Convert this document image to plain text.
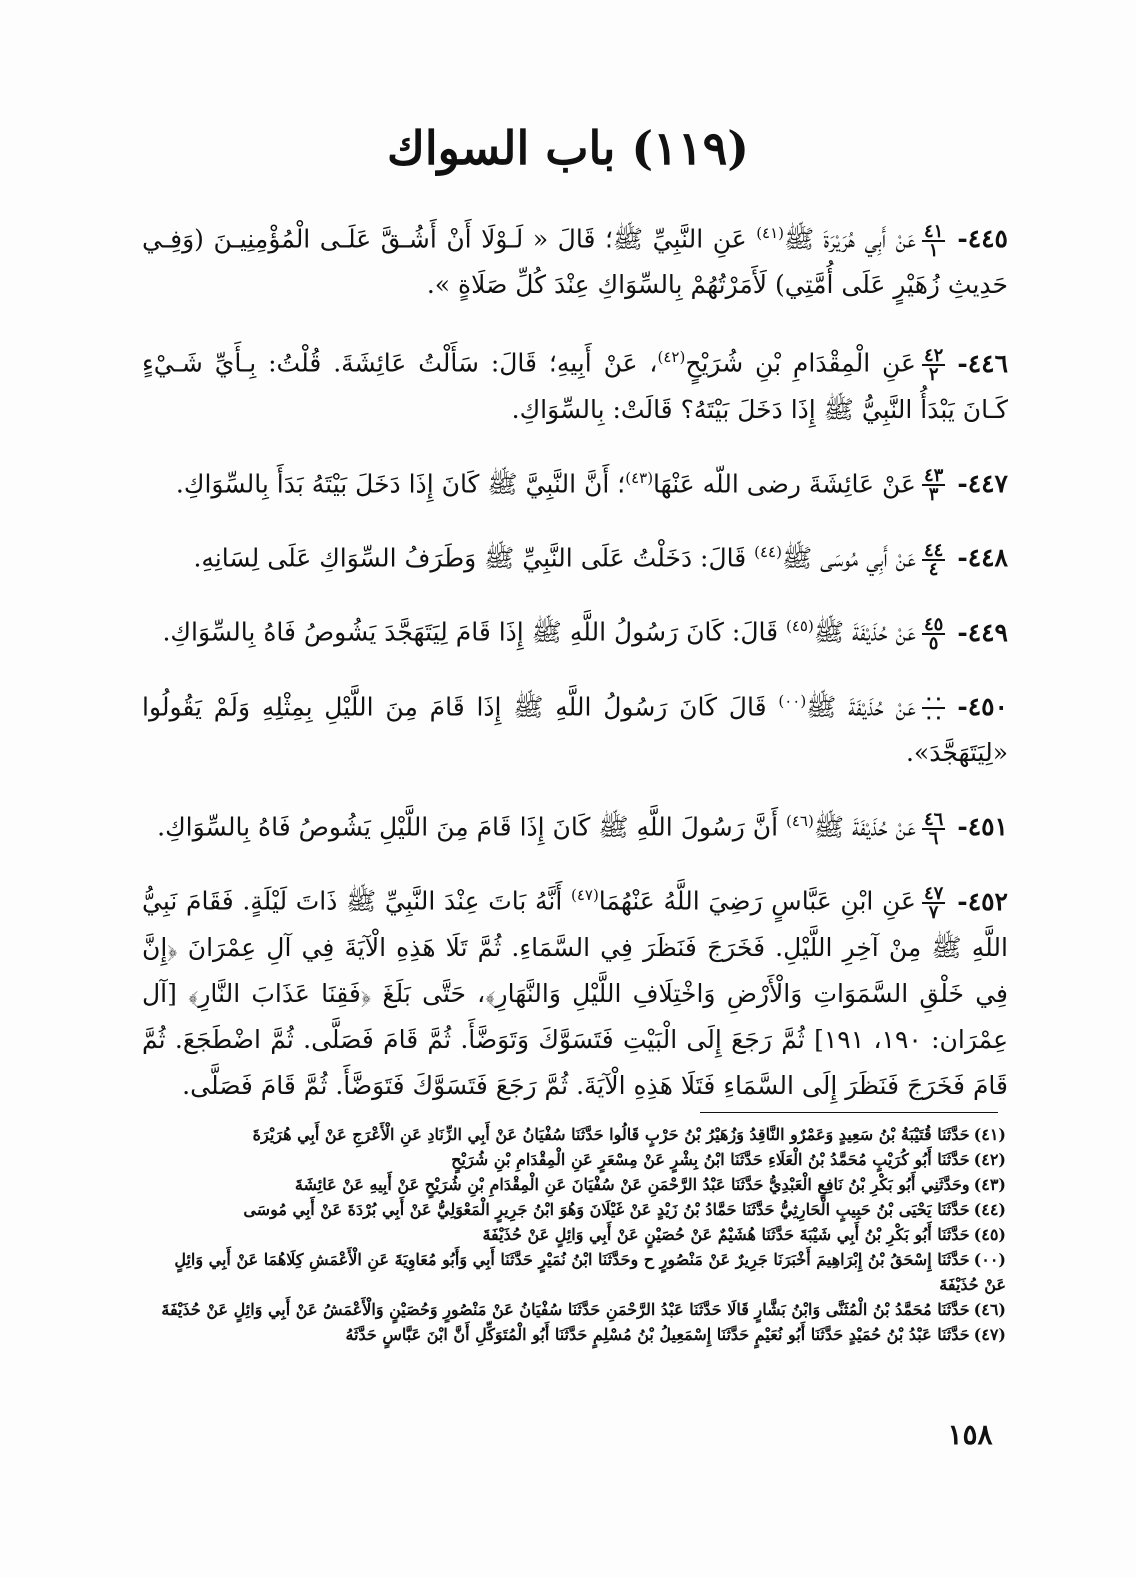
(١١٩) باب السواك

٤٤٥-
$\frac{٤١}{١}$
عَنْ أَبِي هُرَيْرَةَ ﷺ$^{(٤١)}$ عَنِ النَّبِيِّ ﷺ؛ قَالَ « لَـوْلَا أَنْ أَشُـقَّ عَلَـى الْمُؤْمِنِيـنَ (وَفِـي حَدِيثِ زُهَيْرٍ عَلَى أُمَّتِي) لَأَمَرْتُهُمْ بِالسِّوَاكِ عِنْدَ كُلِّ صَلَاةٍ ».

٤٤٦-
$\frac{٤٢}{٢}$
عَنِ الْمِقْدَامِ بْنِ شُرَيْحٍ$^{(٤٢)}$، عَنْ أَبِيهِ؛ قَالَ: سَأَلْتُ عَائِشَةَ. قُلْتُ: بِـأَيِّ شَـيْءٍ كَـانَ يَبْدَأُ النَّبِيُّ ﷺ إِذَا دَخَلَ بَيْتَهُ؟ قَالَتْ: بِالسِّوَاكِ.

٤٤٧-
$\frac{٤٣}{٣}$
عَنْ عَائِشَةَ رضى اللّه عَنْهَا$^{(٤٣)}$؛ أَنَّ النَّبِيَّ ﷺ كَانَ إِذَا دَخَلَ بَيْتَهُ بَدَأَ بِالسِّوَاكِ.

٤٤٨-
$\frac{٤٤}{٤}$
عَنْ أَبِي مُوسَى ﷺ$^{(٤٤)}$ قَالَ: دَخَلْتُ عَلَى النَّبِيِّ ﷺ وَطَرَفُ السِّوَاكِ عَلَى لِسَانِهِ.

٤٤٩-
$\frac{٤٥}{٥}$
عَنْ حُذَيْفَةَ ﷺ$^{(٤٥)}$ قَالَ: كَانَ رَسُولُ اللَّهِ ﷺ إِذَا قَامَ لِيَتَهَجَّدَ يَشُوصُ فَاهُ بِالسِّوَاكِ.

٤٥٠-
$\frac{٠٠}{٠٠}$
عَنْ حُذَيْفَةَ ﷺ$^{(٠٠)}$ قَالَ كَانَ رَسُولُ اللَّهِ ﷺ إِذَا قَامَ مِنَ اللَّيْلِ بِمِثْلِهِ وَلَمْ يَقُولُوا «لِيَتَهَجَّدَ».

٤٥١-
$\frac{٤٦}{٦}$
عَنْ حُذَيْفَةَ ﷺ$^{(٤٦)}$ أَنَّ رَسُولَ اللَّهِ ﷺ كَانَ إِذَا قَامَ مِنَ اللَّيْلِ يَشُوصُ فَاهُ بِالسِّوَاكِ.

٤٥٢-
$\frac{٤٧}{٧}$
عَنِ ابْنِ عَبَّاسٍ رَضِيَ اللَّهُ عَنْهُمَا$^{(٤٧)}$ أَنَّهُ بَاتَ عِنْدَ النَّبِيِّ ﷺ ذَاتَ لَيْلَةٍ. فَقَامَ نَبِيُّ اللَّهِ ﷺ مِنْ آخِرِ اللَّيْلِ. فَخَرَجَ فَنَظَرَ فِي السَّمَاءِ. ثُمَّ تَلَا هَذِهِ الْآيَةَ فِي آلِ عِمْرَانَ ﴿إِنَّ فِي خَلْقِ السَّمَوَاتِ وَالْأَرْضِ وَاخْتِلَافِ اللَّيْلِ وَالنَّهَارِ﴾، حَتَّى بَلَغَ ﴿فَقِنَا عَذَابَ النَّارِ﴾ [آل عِمْرَان: ١٩٠، ١٩١] ثُمَّ رَجَعَ إِلَى الْبَيْتِ فَتَسَوَّكَ وَتَوَضَّأَ. ثُمَّ قَامَ فَصَلَّى. ثُمَّ اضْطَجَعَ. ثُمَّ قَامَ فَخَرَجَ فَنَظَرَ إِلَى السَّمَاءِ فَتَلَا هَذِهِ الْآيَةَ. ثُمَّ رَجَعَ فَتَسَوَّكَ فَتَوَضَّأَ. ثُمَّ قَامَ فَصَلَّى.

(٤١)حَدَّثَنَا قُتَيْبَةُ بْنُ سَعِيدٍ وَعَمْرٌو النَّاقِدُ وَزُهَيْرُ بْنُ حَرْبٍ قَالُوا حَدَّثَنَا سُفْيَانُ عَنْ أَبِي الزِّنَادِ عَنِ الْأَعْرَجِ عَنْ أَبِي هُرَيْرَةَ

(٤٢)حَدَّثَنَا أَبُو كُرَيْبٍ مُحَمَّدُ بْنُ الْعَلَاءِ حَدَّثَنَا ابْنُ بِشْرٍ عَنْ مِسْعَرٍ عَنِ الْمِقْدَامِ بْنِ شُرَيْحٍ

(٤٣)وحَدَّثَنِي أَبُو بَكْرِ بْنُ نَافِعٍ الْعَبْدِيُّ حَدَّثَنَا عَبْدُ الرَّحْمَنِ عَنْ سُفْيَانَ عَنِ الْمِقْدَامِ بْنِ شُرَيْحٍ عَنْ أَبِيهِ عَنْ عَائِشَةَ

(٤٤)حَدَّثَنَا يَحْيَى بْنُ حَبِيبٍ الْحَارِثِيُّ حَدَّثَنَا حَمَّادُ بْنُ زَيْدٍ عَنْ غَيْلَانَ وَهُوَ ابْنُ جَرِيرٍ الْمَعْوَلِيُّ عَنْ أَبِي بُرْدَةَ عَنْ أَبِي مُوسَى

(٤٥)حَدَّثَنَا أَبُو بَكْرِ بْنُ أَبِي شَيْبَةَ حَدَّثَنَا هُشَيْمٌ عَنْ حُصَيْنٍ عَنْ أَبِي وَائِلٍ عَنْ حُذَيْفَةَ

(٠٠)حَدَّثَنَا إِسْحَقُ بْنُ إِبْرَاهِيمَ أَخْبَرَنَا جَرِيرٌ عَنْ مَنْصُورٍ ح وحَدَّثَنَا ابْنُ نُمَيْرٍ حَدَّثَنَا أَبِي وَأَبُو مُعَاوِيَةَ عَنِ الْأَعْمَشِ كِلَاهُمَا عَنْ أَبِي وَائِلٍ عَنْ حُذَيْفَةَ

(٤٦)حَدَّثَنَا مُحَمَّدُ بْنُ الْمُثَنَّى وَابْنُ بَشَّارٍ قَالَا حَدَّثَنَا عَبْدُ الرَّحْمَنِ حَدَّثَنَا سُفْيَانُ عَنْ مَنْصُورٍ وَحُصَيْنٍ وَالْأَعْمَشُ عَنْ أَبِي وَائِلٍ عَنْ حُذَيْفَةَ

(٤٧)حَدَّثَنَا عَبْدُ بْنُ حُمَيْدٍ حَدَّثَنَا أَبُو نُعَيْمٍ حَدَّثَنَا إِسْمَعِيلُ بْنُ مُسْلِمٍ حَدَّثَنَا أَبُو الْمُتَوَكِّلِ أَنَّ ابْنَ عَبَّاسٍ حَدَّثَهُ

١٥٨
